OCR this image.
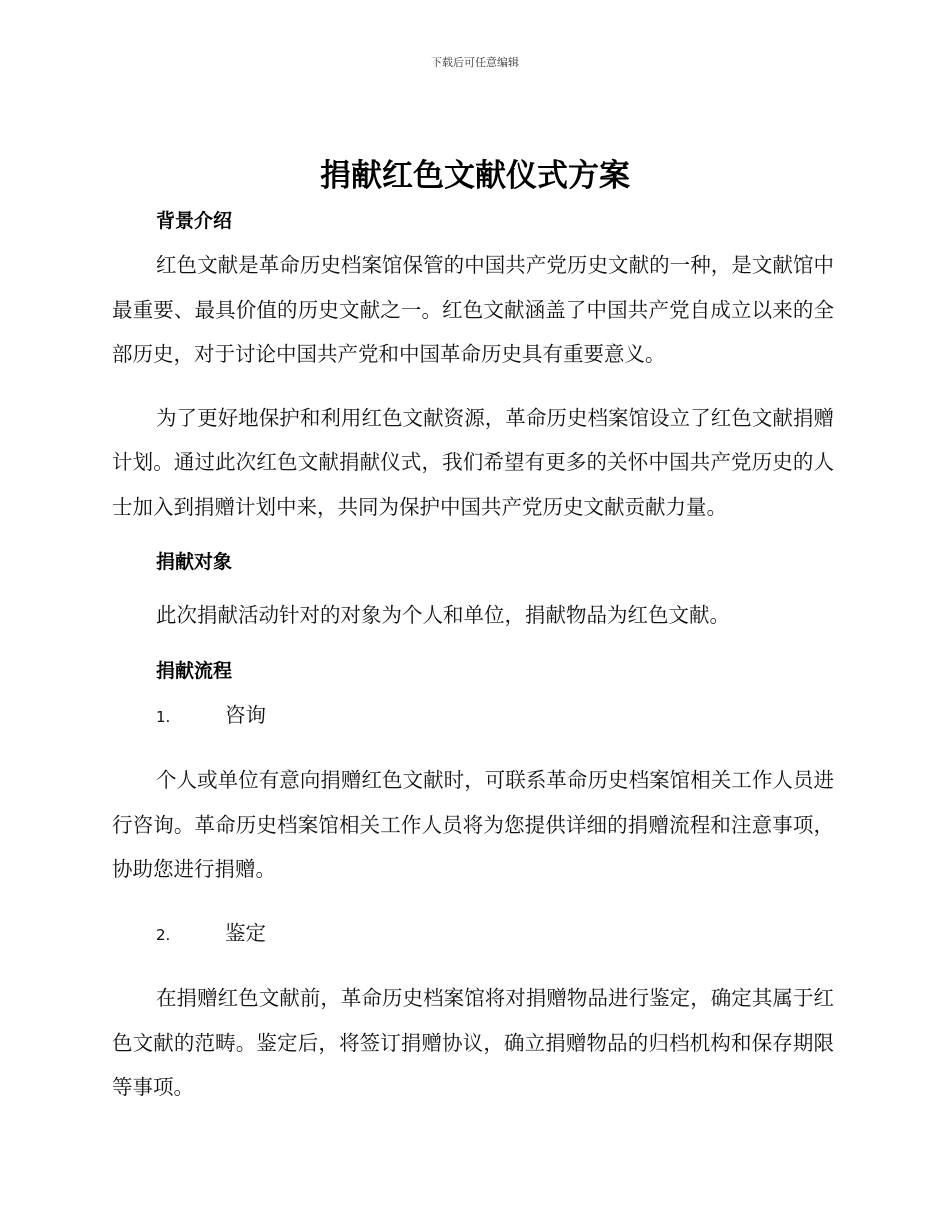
下载后可任意编辑
捐献红色文献仪式方案
背景介绍

红色文献是革命历史档案馆保管的中国共产党历史文献的一种，是文献馆中最重要、最具价值的历史文献之一。红色文献涵盖了中国共产党自成立以来的全部历史，对于讨论中国共产党和中国革命历史具有重要意义。

为了更好地保护和利用红色文献资源，革命历史档案馆设立了红色文献捐赠计划。通过此次红色文献捐献仪式，我们希望有更多的关怀中国共产党历史的人士加入到捐赠计划中来，共同为保护中国共产党历史文献贡献力量。

捐献对象

此次捐献活动针对的对象为个人和单位，捐献物品为红色文献。

捐献流程
1.	咨询

个人或单位有意向捐赠红色文献时，可联系革命历史档案馆相关工作人员进行咨询。革命历史档案馆相关工作人员将为您提供详细的捐赠流程和注意事项，协助您进行捐赠。

2.	鉴定

在捐赠红色文献前，革命历史档案馆将对捐赠物品进行鉴定，确定其属于红色文献的范畴。鉴定后，将签订捐赠协议，确立捐赠物品的归档机构和保存期限等事项。
